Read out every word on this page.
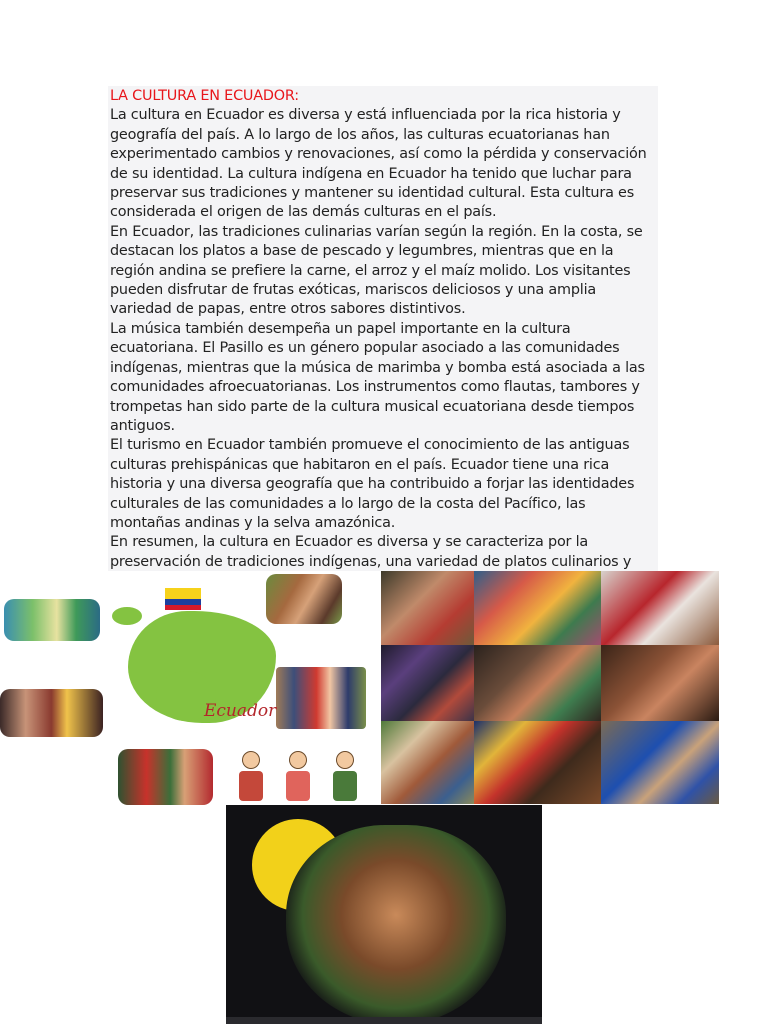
LA CULTURA EN ECUADOR:

La cultura en Ecuador es diversa y está influenciada por la rica historia y geografía del país. A lo largo de los años, las culturas ecuatorianas han experimentado cambios y renovaciones, así como la pérdida y conservación de su identidad. La cultura indígena en Ecuador ha tenido que luchar para preservar sus tradiciones y mantener su identidad cultural. Esta cultura es considerada el origen de las demás culturas en el país.

En Ecuador, las tradiciones culinarias varían según la región. En la costa, se destacan los platos a base de pescado y legumbres, mientras que en la región andina se prefiere la carne, el arroz y el maíz molido. Los visitantes pueden disfrutar de frutas exóticas, mariscos deliciosos y una amplia variedad de papas, entre otros sabores distintivos.

La música también desempeña un papel importante en la cultura ecuatoriana. El Pasillo es un género popular asociado a las comunidades indígenas, mientras que la música de marimba y bomba está asociada a las comunidades afroecuatorianas. Los instrumentos como flautas, tambores y trompetas han sido parte de la cultura musical ecuatoriana desde tiempos antiguos.

El turismo en Ecuador también promueve el conocimiento de las antiguas culturas prehispánicas que habitaron en el país. Ecuador tiene una rica historia y una diversa geografía que ha contribuido a forjar las identidades culturales de las comunidades a lo largo de la costa del Pacífico, las montañas andinas y la selva amazónica.

En resumen, la cultura en Ecuador es diversa y se caracteriza por la preservación de tradiciones indígenas, una variedad de platos culinarios y

Ecuador
